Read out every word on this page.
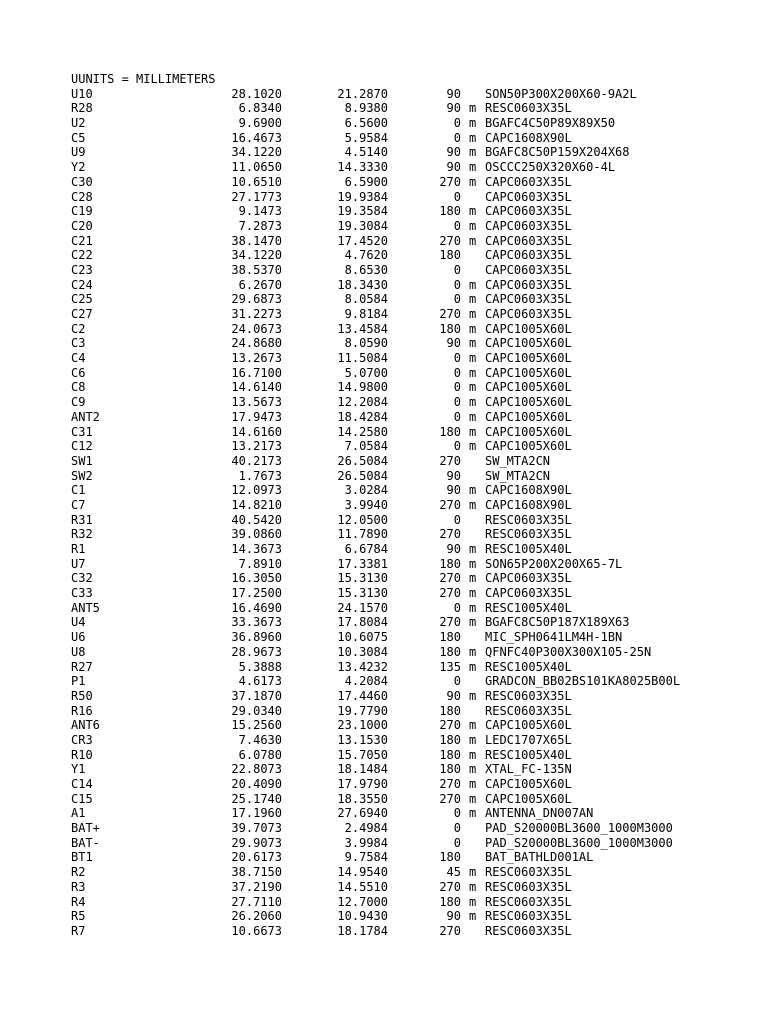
UUNITS = MILLIMETERS
U10	28.1020	21.2870	90 SON50P300X200X60-9A2L
R28	6.8340	8.9380	90 m RESC0603X35L
U2	9.6900	6.5600	0 m BGAFC4C50P89X89X50
C5	16.4673	5.9584	0 m CAPC1608X90L
U9	34.1220	4.5140	90 m BGAFC8C50P159X204X68
Y2	11.0650	14.3330	90 m OSCCC250X320X60-4L
C30	10.6510	6.5900	270 m CAPC0603X35L
C28	27.1773	19.9384	0 CAPC0603X35L
C19	9.1473	19.3584	180 m CAPC0603X35L
C20	7.2873	19.3084	0 m CAPC0603X35L
C21	38.1470	17.4520	270 m CAPC0603X35L
C22	34.1220	4.7620	180 CAPC0603X35L
C23	38.5370	8.6530	0 CAPC0603X35L
C24	6.2670	18.3430	0 m CAPC0603X35L
C25	29.6873	8.0584	0 m CAPC0603X35L
C27	31.2273	9.8184	270 m CAPC0603X35L
C2	24.0673	13.4584	180 m CAPC1005X60L
C3	24.8680	8.0590	90 m CAPC1005X60L
C4	13.2673	11.5084	0 m CAPC1005X60L
C6	16.7100	5.0700	0 m CAPC1005X60L
C8	14.6140	14.9800	0 m CAPC1005X60L
C9	13.5673	12.2084	0 m CAPC1005X60L
ANT2	17.9473	18.4284	0 m CAPC1005X60L
C31	14.6160	14.2580	180 m CAPC1005X60L
C12	13.2173	7.0584	0 m CAPC1005X60L
SW1	40.2173	26.5084	270 SW_MTA2CN
SW2	1.7673	26.5084	90 SW_MTA2CN
C1	12.0973	3.0284	90 m CAPC1608X90L
C7	14.8210	3.9940	270 m CAPC1608X90L
R31	40.5420	12.0500	0 RESC0603X35L
R32	39.0860	11.7890	270 RESC0603X35L
R1	14.3673	6.6784	90 m RESC1005X40L
U7	7.8910	17.3381	180 m SON65P200X200X65-7L
C32	16.3050	15.3130	270 m CAPC0603X35L
C33	17.2500	15.3130	270 m CAPC0603X35L
ANT5	16.4690	24.1570	0 m RESC1005X40L
U4	33.3673	17.8084	270 m BGAFC8C50P187X189X63
U6	36.8960	10.6075	180 MIC_SPH0641LM4H-1BN
U8	28.9673	10.3084	180 m QFNFC40P300X300X105-25N
R27	5.3888	13.4232	135 m RESC1005X40L
P1	4.6173	4.2084	0 GRADCON_BB02BS101KA8025B00L
R50	37.1870	17.4460	90 m RESC0603X35L
R16	29.0340	19.7790	180 RESC0603X35L
ANT6	15.2560	23.1000	270 m CAPC1005X60L
CR3	7.4630	13.1530	180 m LEDC1707X65L
R10	6.0780	15.7050	180 m RESC1005X40L
Y1	22.8073	18.1484	180 m XTAL_FC-135N
C14	20.4090	17.9790	270 m CAPC1005X60L
C15	25.1740	18.3550	270 m CAPC1005X60L
A1	17.1960	27.6940	0 m ANTENNA_DN007AN
BAT+	39.7073	2.4984	0 PAD_S20000BL3600_1000M3000
BAT-	29.9073	3.9984	0 PAD_S20000BL3600_1000M3000
BT1	20.6173	9.7584	180 BAT_BATHLD001AL
R2	38.7150	14.9540	45 m RESC0603X35L
R3	37.2190	14.5510	270 m RESC0603X35L
R4	27.7110	12.7000	180 m RESC0603X35L
R5	26.2060	10.9430	90 m RESC0603X35L
R7	10.6673	18.1784	270 RESC0603X35L
